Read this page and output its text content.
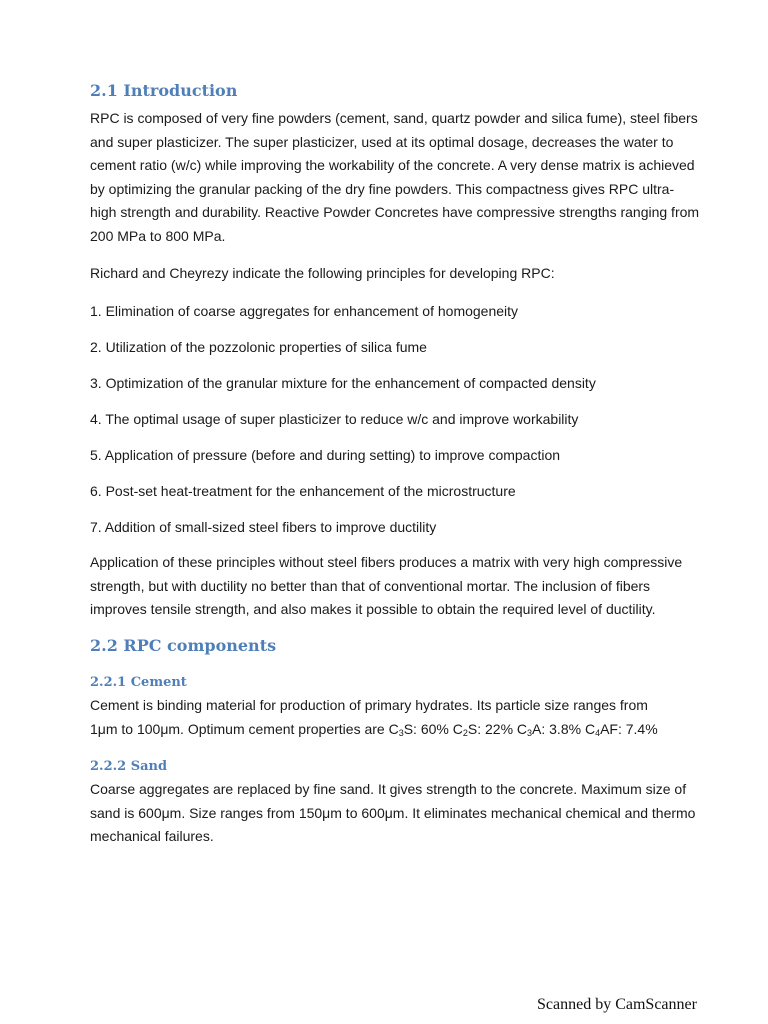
2.1 Introduction

RPC is composed of very fine powders (cement, sand, quartz powder and silica fume), steel fibers and super plasticizer. The super plasticizer, used at its optimal dosage, decreases the water to cement ratio (w/c) while improving the workability of the concrete. A very dense matrix is achieved by optimizing the granular packing of the dry fine powders. This compactness gives RPC ultra-high strength and durability. Reactive Powder Concretes have compressive strengths ranging from 200 MPa to 800 MPa.

Richard and Cheyrezy indicate the following principles for developing RPC:

1. Elimination of coarse aggregates for enhancement of homogeneity

2. Utilization of the pozzolonic properties of silica fume

3. Optimization of the granular mixture for the enhancement of compacted density

4. The optimal usage of super plasticizer to reduce w/c and improve workability

5. Application of pressure (before and during setting) to improve compaction

6. Post-set heat-treatment for the enhancement of the microstructure

7. Addition of small-sized steel fibers to improve ductility

Application of these principles without steel fibers produces a matrix with very high compressive strength, but with ductility no better than that of conventional mortar. The inclusion of fibers improves tensile strength, and also makes it possible to obtain the required level of ductility.

2.2 RPC components
2.2.1 Cement

Cement is binding material for production of primary hydrates. Its particle size ranges from
1μm to 100μm. Optimum cement properties are $C_3S$: 60% $C_2S$: 22% $C_3A$: 3.8% $C_4AF$: 7.4%

2.2.2 Sand

Coarse aggregates are replaced by fine sand. It gives strength to the concrete. Maximum size of sand is 600μm. Size ranges from 150μm to 600μm. It eliminates mechanical chemical and thermo mechanical failures.

Scanned by CamScanner
